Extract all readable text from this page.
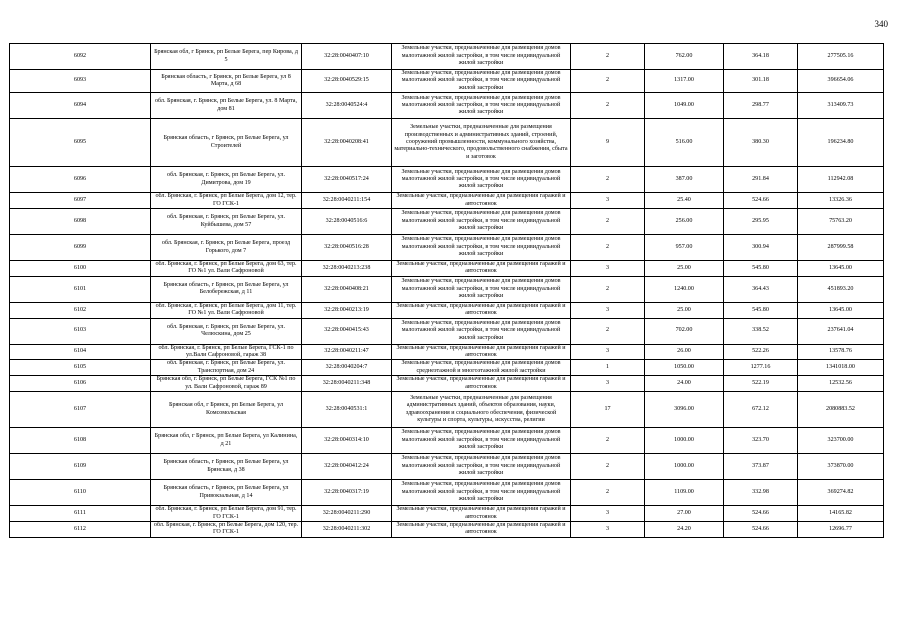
340
6092	Брянская обл, г Брянск, рп Белые Берега, пер Кирова, д 5	32:28:0040407:10	Земельные участки, предназначенные для размещения домов малоэтажной жилой застройки, в том числе индивидуальной жилой застройки	2	762.00	364.18	277505.16
6093	Брянская область, г Брянск, рп Белые Берега, ул 8 Марта, д 68	32:28:0040529:15	Земельные участки, предназначенные для размещения домов малоэтажной жилой застройки, в том числе индивидуальной жилой застройки	2	1317.00	301.18	396654.06
6094	обл. Брянская, г. Брянск, рп Белые Берега, ул. 8 Марта, дом 81	32:28:0040524:4	Земельные участки, предназначенные для размещения домов малоэтажной жилой застройки, в том числе индивидуальной жилой застройки	2	1049.00	298.77	313409.73
6095	Брянская область, г Брянск, рп Белые Берега, ул Строителей	32:28:0040208:41	Земельные участки, предназначенные для размещения производственных и административных зданий, строений, сооружений промышленности, коммунального хозяйства, материально-технического, продовольственного снабжения, сбыта и заготовок	9	516.00	380.30	196234.80
6096	обл. Брянская, г. Брянск, рп Белые Берега, ул. Димитрова, дом 19	32:28:0040517:24	Земельные участки, предназначенные для размещения домов малоэтажной жилой застройки, в том числе индивидуальной жилой застройки	2	387.00	291.84	112942.08
6097	обл. Брянская, г. Брянск, рп Белые Берега, дом 12, тер. ГО ГСК-1	32:28:0040211:154	Земельные участки, предназначенные для размещения гаражей и автостоянок	3	25.40	524.66	13326.36
6098	обл. Брянская, г. Брянск, рп Белые Берега, ул. Куйбышева, дом 57	32:28:0040516:6	Земельные участки, предназначенные для размещения домов малоэтажной жилой застройки, в том числе индивидуальной жилой застройки	2	256.00	295.95	75763.20
6099	обл. Брянская, г. Брянск, рп Белые Берега, проезд Горького, дом 7	32:28:0040516:28	Земельные участки, предназначенные для размещения домов малоэтажной жилой застройки, в том числе индивидуальной жилой застройки	2	957.00	300.94	287999.58
6100	обл. Брянская, г. Брянск, рп Белые Берега, дом 63, тер. ГО №1 ул. Вали Сафроновой	32:28:0040213:238	Земельные участки, предназначенные для размещения гаражей и автостоянок	3	25.00	545.80	13645.00
6101	Брянская область, г Брянск, рп Белые Берега, ул Белобережская, д 11	32:28:0040408:21	Земельные участки, предназначенные для размещения домов малоэтажной жилой застройки, в том числе индивидуальной жилой застройки	2	1240.00	364.43	451893.20
6102	обл. Брянская, г. Брянск, рп Белые Берега, дом 11, тер. ГО №1 ул. Вали Сафроновой	32:28:0040213:19	Земельные участки, предназначенные для размещения гаражей и автостоянок	3	25.00	545.80	13645.00
6103	обл. Брянская, г. Брянск, рп Белые Берега, ул. Челюскина, дом 25	32:28:0040415:43	Земельные участки, предназначенные для размещения домов малоэтажной жилой застройки, в том числе индивидуальной жилой застройки	2	702.00	338.52	237641.04
6104	обл. Брянская, г. Брянск, рп Белые Берега, ГСК-1 по ул.Вали Сафроновой, гараж 38	32:28:0040211:47	Земельные участки, предназначенные для размещения гаражей и автостоянок	3	26.00	522.26	13578.76
6105	обл. Брянская, г. Брянск, рп Белые Берега, ул. Транспортная, дом 24	32:28:0040204:7	Земельные участки, предназначенные для размещения домов среднеэтажной и многоэтажной жилой застройки	1	1050.00	1277.16	1341018.00
6106	Брянская обл, г. Брянск, рп Белые Берега, ГСК №1 по ул. Вали Сафроновой, гараж 89	32:28:0040211:348	Земельные участки, предназначенные для размещения гаражей и автостоянок	3	24.00	522.19	12532.56
6107	Брянская обл, г Брянск, рп Белые Берега, ул Комсомольская	32:28:0040531:1	Земельные участки, предназначенные для размещения административных зданий, объектов образования, науки, здравоохранения и социального обеспечения, физической культуры и спорта, культуры, искусства, религии	17	3096.00	672.12	2080883.52
6108	Брянская обл, г Брянск, рп Белые Берега, ул Калинина, д 21	32:28:0040314:10	Земельные участки, предназначенные для размещения домов малоэтажной жилой застройки, в том числе индивидуальной жилой застройки	2	1000.00	323.70	323700.00
6109	Брянская область, г Брянск, рп Белые Берега, ул Брянская, д 38	32:28:0040412:24	Земельные участки, предназначенные для размещения домов малоэтажной жилой застройки, в том числе индивидуальной жилой застройки	2	1000.00	373.87	373870.00
6110	Брянская область, г Брянск, рп Белые Берега, ул Привокзальная, д 14	32:28:0040317:19	Земельные участки, предназначенные для размещения домов малоэтажной жилой застройки, в том числе индивидуальной жилой застройки	2	1109.00	332.98	369274.82
6111	обл. Брянская, г. Брянск, рп Белые Берега, дом 91, тер. ГО ГСК-1	32:28:0040211:290	Земельные участки, предназначенные для размещения гаражей и автостоянок	3	27.00	524.66	14165.82
6112	обл. Брянская, г. Брянск, рп Белые Берега, дом 120, тер. ГО ГСК-1	32:28:0040211:302	Земельные участки, предназначенные для размещения гаражей и автостоянок	3	24.20	524.66	12696.77
